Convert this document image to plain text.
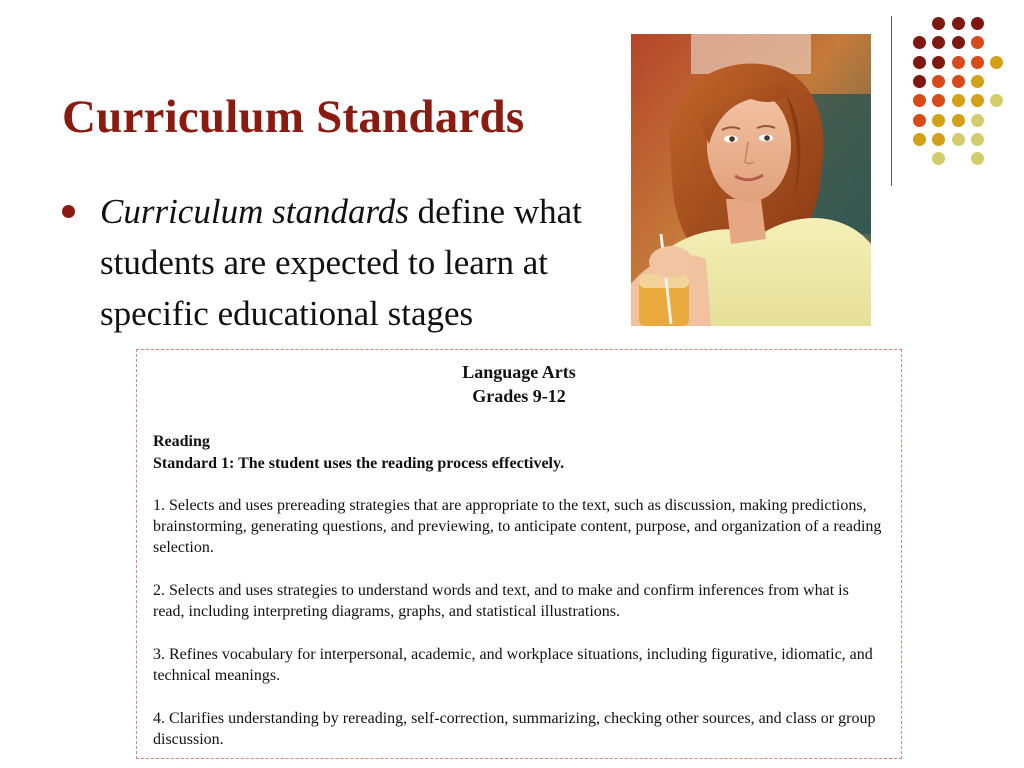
Curriculum Standards
Curriculum standards define what students are expected to learn at specific educational stages
Language Arts
Grades 9-12
Reading
Standard 1: The student uses the reading process effectively.
1. Selects and uses prereading strategies that are appropriate to the text, such as discussion, making predictions, brainstorming, generating questions, and previewing, to anticipate content, purpose, and organization of a reading selection.
2. Selects and uses strategies to understand words and text, and to make and confirm inferences from what is read, including interpreting diagrams, graphs, and statistical illustrations.
3. Refines vocabulary for interpersonal, academic, and workplace situations, including figurative, idiomatic, and technical meanings.
4. Clarifies understanding by rereading, self-correction, summarizing, checking other sources, and class or group discussion.
